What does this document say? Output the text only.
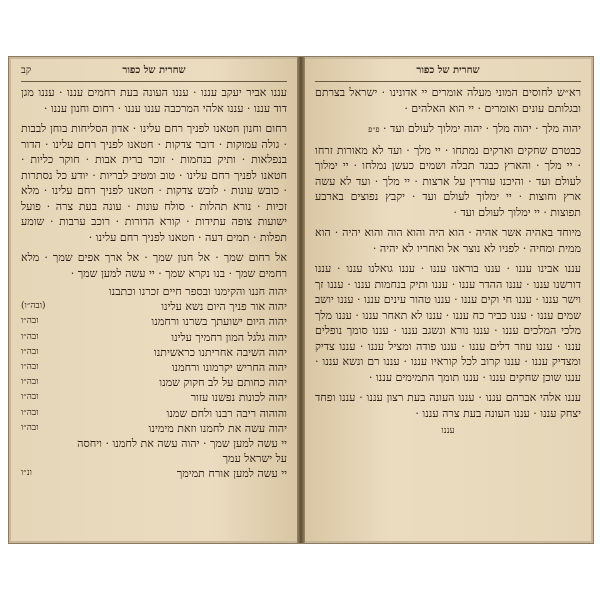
שחרית של כפור
קב

עננו אביר יעקב עננו · עננו העונה בעת רחמים עננו · עננו מגן דוד עננו · עננו אלהי המרכבה עננו עננו · רחום וחנון עננו ·

רחום וחנון חטאנו לפניך רחם עלינו · אדון הסליחות בוחן לבבות · גולה עמוקות · דובר צדקות · חטאנו לפניך רחם עלינו · הדור בנפלאות · ותיק בנחמות · זוכר ברית אבות · חוקר כליות · חטאנו לפניך רחם עלינו · טוב ומטיב לבריות · יודע כל נסתרות · כובש עונות · לובש צדקות · חטאנו לפניך רחם עלינו · מלא זכיות · נורא תהלות · סולח עונות · עונה בעת צרה · פועל ישועות צופה עתידות · קורא הדורות · רוכב ערבות · שומע תפלות · תמים דעה · חטאנו לפניך רחם עלינו ·

אל רחום שמך · אל חנון שמך · אל ארך אפים שמך · מלא רחמים שמך · בנו נקרא שמך · יי עשה למען שמך ·

יהוה חננו והקימנו ובספר חיים זכרנו וכתבנו
יהוה אור פניך היום נשא עלינו
(ובה״ו)
יהוה היום ישועתך בשרנו ורחמנו
ובה״ו
יהוה גלגל המון רחמיך עלינו
ובה״ו
יהוה השיבה אחריתנו כראשיתנו
ובה״ו
יהוה החריש יקרמונו ורחמנו
ובה״ו
יהוה כחותם על לב חקוק שמנו
ובה״ו
יהוה לכונות נפשנו עזור
ובה״ו
והוהוה ריבה רבנו ולחם שמנו
ובה״ו
יהוה עשה את לחמנו וזאת מימינו
ובה״ו
יי עשה למען שמך · יהוה עשה את לחמנו · ויחסה על ישראל עמך
יי עשה למען אורח תמימך
ונ״ו
שחרית של כפור

רא״ש לחוסים המוני מעלה אומרים יי אדונינו · ישראל בצרתם ובגלותם עונים ואומרים · יי הוא האלהים ·

יהוה מלך · יהוה מלך · יהוה ימלוך לעולם ועד · פ״פ

כבטרם שחקים וארקים נמתחו · יי מלך · ועד לא מאורות זרחו · יי מלך · והארץ כבגד תבלה ושמים כעשן נמלחו · יי ימלוך לעולם ועד · והיכנו עוררין על ארצות · יי מלך · ועד לא עשה ארץ וחוצות · יי ימלוך לעולם ועד · יקבץ נפוצים בארבע תפוצות · יי ימלוך לעולם ועד ·

מיוחד באהיה אשר אהיה · הוא היה והוא הוה והוא יהיה · הוא ממית ומחיה · לפניו לא נוצר אל ואחריו לא יהיה ·

עננו אבינו עננו · עננו בוראנו עננו · עננו גואלנו עננו · עננו דורשנו עננו · עננו ההדר עננו · עננו ותיק בנחמות עננו · עננו זך וישר עננו · עננו חי וקים עננו · עננו טהור עינים עננו · עננו יושב שמים עננו · עננו כביר כח עננו · עננו לא תאחר עננו · עננו מלך מלכי המלכים עננו · עננו נורא ונשגב עננו · עננו סומך נופלים עננו · עננו עוזר דלים עננו · עננו פודה ומציל עננו · עננו צדיק ומצדיק עננו · עננו קרוב לכל קוראיו עננו · עננו רם ונשא עננו · עננו שוכן שחקים עננו · עננו תומך התמימים עננו ·

עננו אלהי אברהם עננו · עננו העונה בעת רצון עננו · עננו ופחד יצחק עננו · עננו העונה בעת צרה עננו ·

עננו
